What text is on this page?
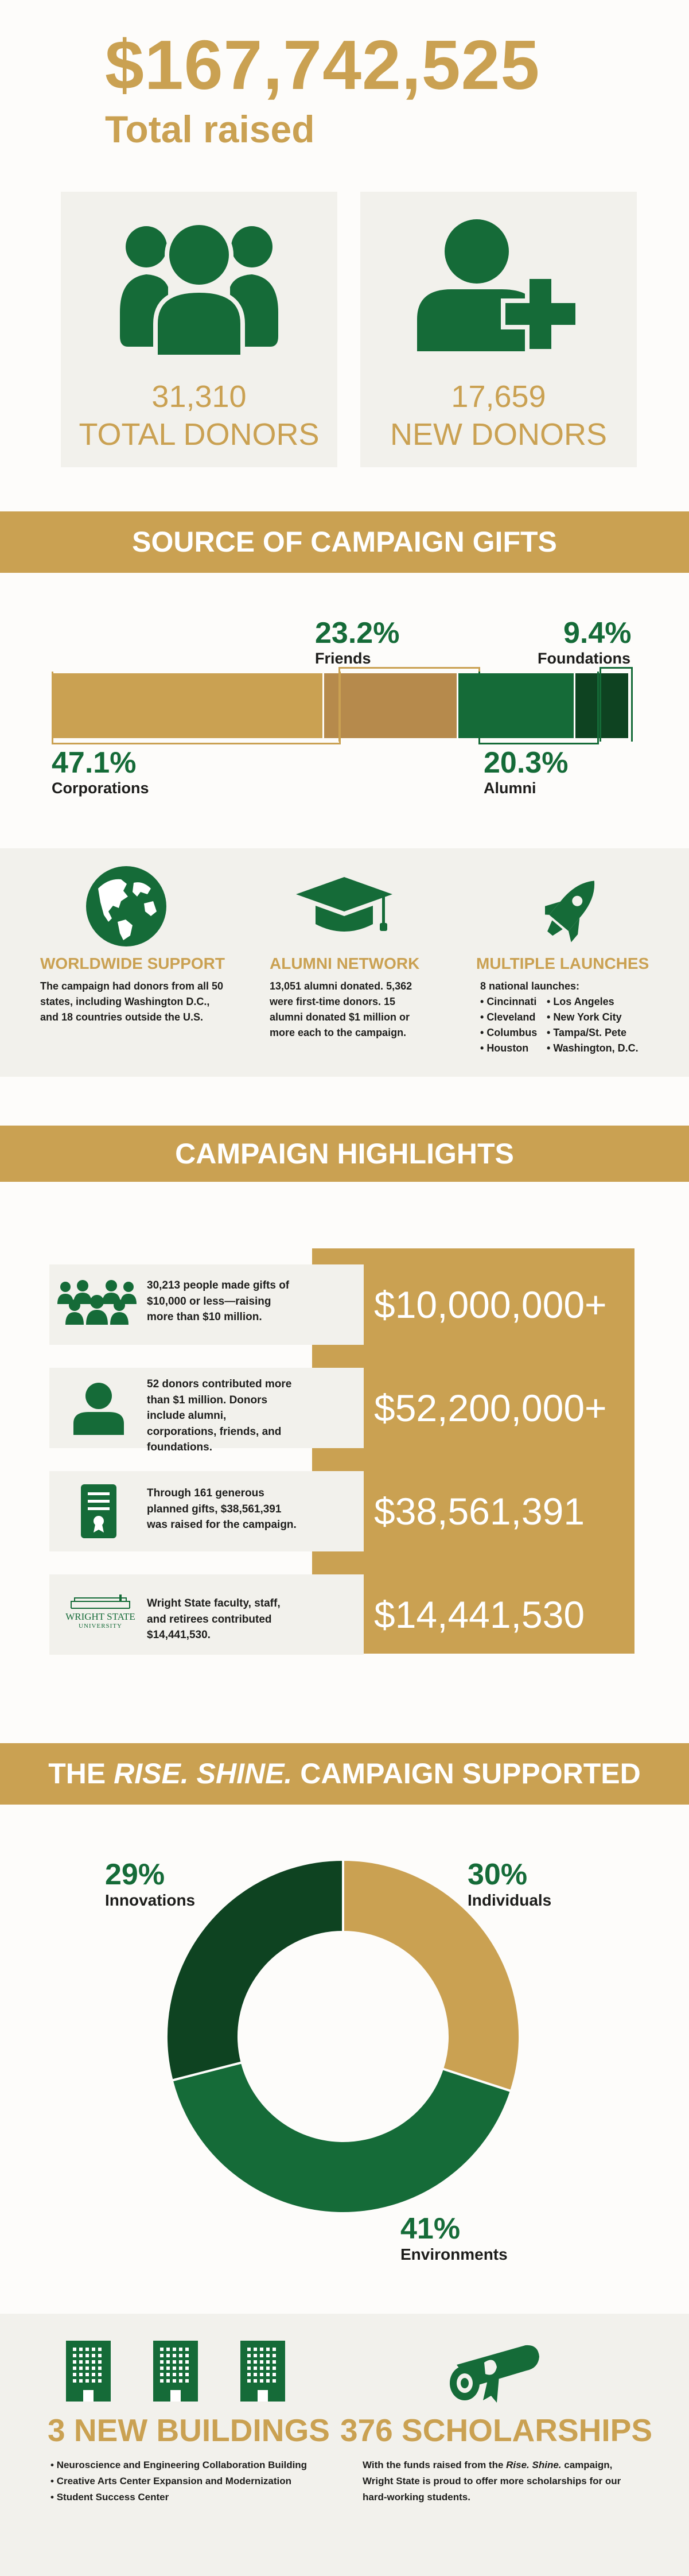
$167,742,525
Total raised
31,310
TOTAL DONORS
17,659
NEW DONORS
SOURCE OF CAMPAIGN GIFTS
23.2%
Friends
9.4%
Foundations
47.1%
Corporations
20.3%
Alumni
WORLDWIDE SUPPORT
The campaign had donors from all 50 states, including Washington D.C., and 18 countries outside the U.S.
ALUMNI NETWORK
13,051 alumni donated. 5,362 were first-time donors. 15 alumni donated $1 million or more each to the campaign.
MULTIPLE LAUNCHES
8 national launches:
• Cincinnati
• Cleveland
• Columbus
• Houston
• Los Angeles
• New York City
• Tampa/St. Pete
• Washington, D.C.
CAMPAIGN HIGHLIGHTS
30,213 people made gifts of $10,000 or less—raising more than $10 million.	$10,000,000+
52 donors contributed more than $1 million. Donors include alumni, corporations, friends, and foundations.
$52,200,000+
Through 161 generous planned gifts, $38,561,391 was raised for the campaign. $38,561,391
WRIGHT STATE
UNIVERSITY
Wright State faculty, staff, and retirees contributed $14,441,530.	$14,441,530
THE RISE. SHINE. CAMPAIGN SUPPORTED
29%
Innovations
30%
Individuals
41%
Environments
3 NEW BUILDINGS
• Neuroscience and Engineering Collaboration Building
• Creative Arts Center Expansion and Modernization
• Student Success Center
376 SCHOLARSHIPS
With the funds raised from the Rise. Shine. campaign, Wright State is proud to offer more scholarships for our hard-working students.
